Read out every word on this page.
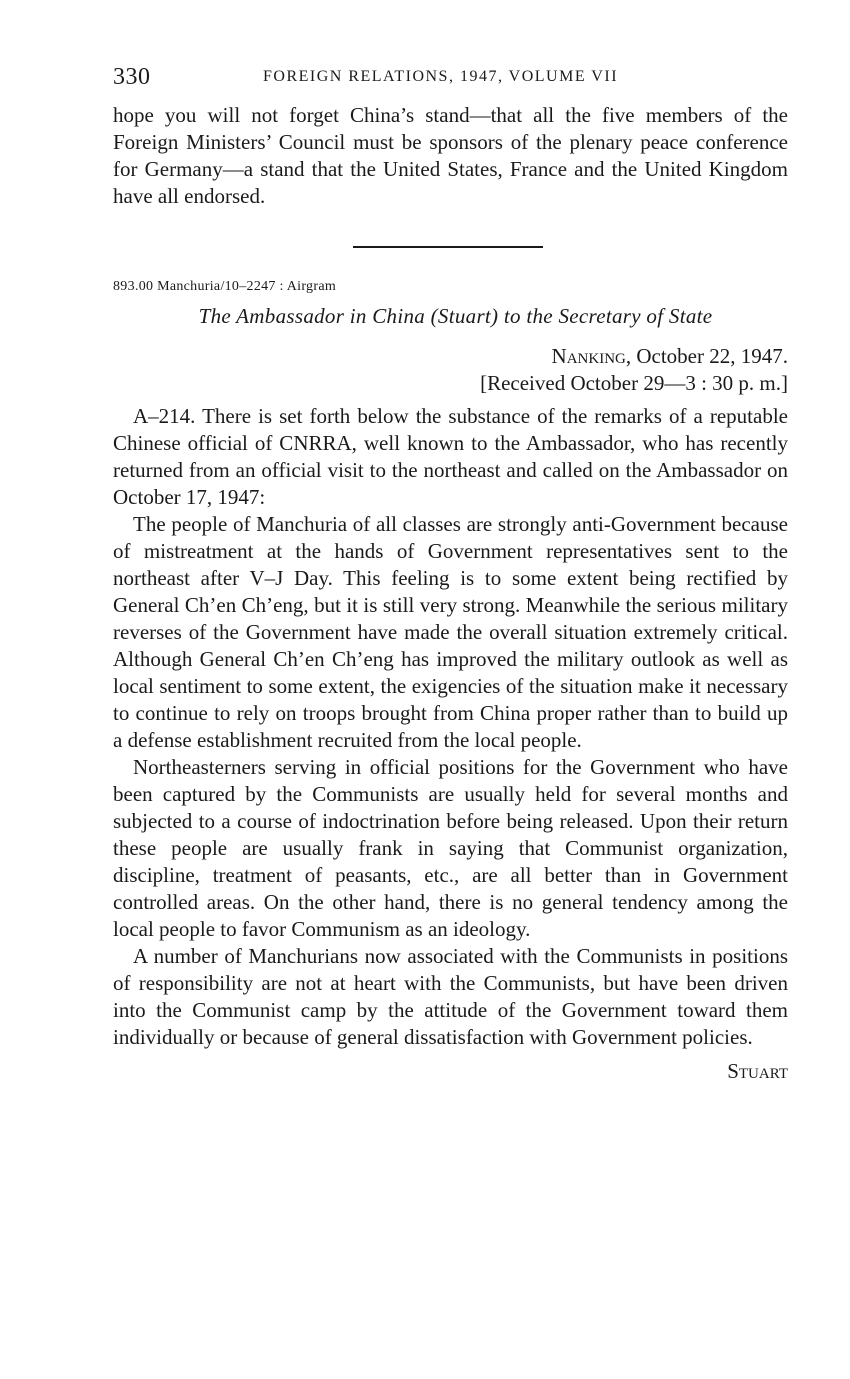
330	FOREIGN RELATIONS, 1947, VOLUME VII

hope you will not forget China’s stand—that all the five members of the Foreign Ministers’ Council must be sponsors of the plenary peace conference for Germany—a stand that the United States, France and the United Kingdom have all endorsed.

893.00 Manchuria/10–2247 : Airgram
The Ambassador in China (Stuart) to the Secretary of State
Nanking, October 22, 1947.
[Received October 29—3 : 30 p. m.]

A–214. There is set forth below the substance of the remarks of a reputable Chinese official of CNRRA, well known to the Ambassador, who has recently returned from an official visit to the northeast and called on the Ambassador on October 17, 1947:

The people of Manchuria of all classes are strongly anti-Government because of mistreatment at the hands of Government representatives sent to the northeast after V–J Day. This feeling is to some extent being rectified by General Ch’en Ch’eng, but it is still very strong. Meanwhile the serious military reverses of the Government have made the overall situation extremely critical. Although General Ch’en Ch’eng has improved the military outlook as well as local sentiment to some extent, the exigencies of the situation make it necessary to continue to rely on troops brought from China proper rather than to build up a defense establishment recruited from the local people.

Northeasterners serving in official positions for the Government who have been captured by the Communists are usually held for several months and subjected to a course of indoctrination before being released. Upon their return these people are usually frank in saying that Communist organization, discipline, treatment of peasants, etc., are all better than in Government controlled areas. On the other hand, there is no general tendency among the local people to favor Communism as an ideology.

A number of Manchurians now associated with the Communists in positions of responsibility are not at heart with the Communists, but have been driven into the Communist camp by the attitude of the Government toward them individually or because of general dissatisfaction with Government policies.

Stuart
